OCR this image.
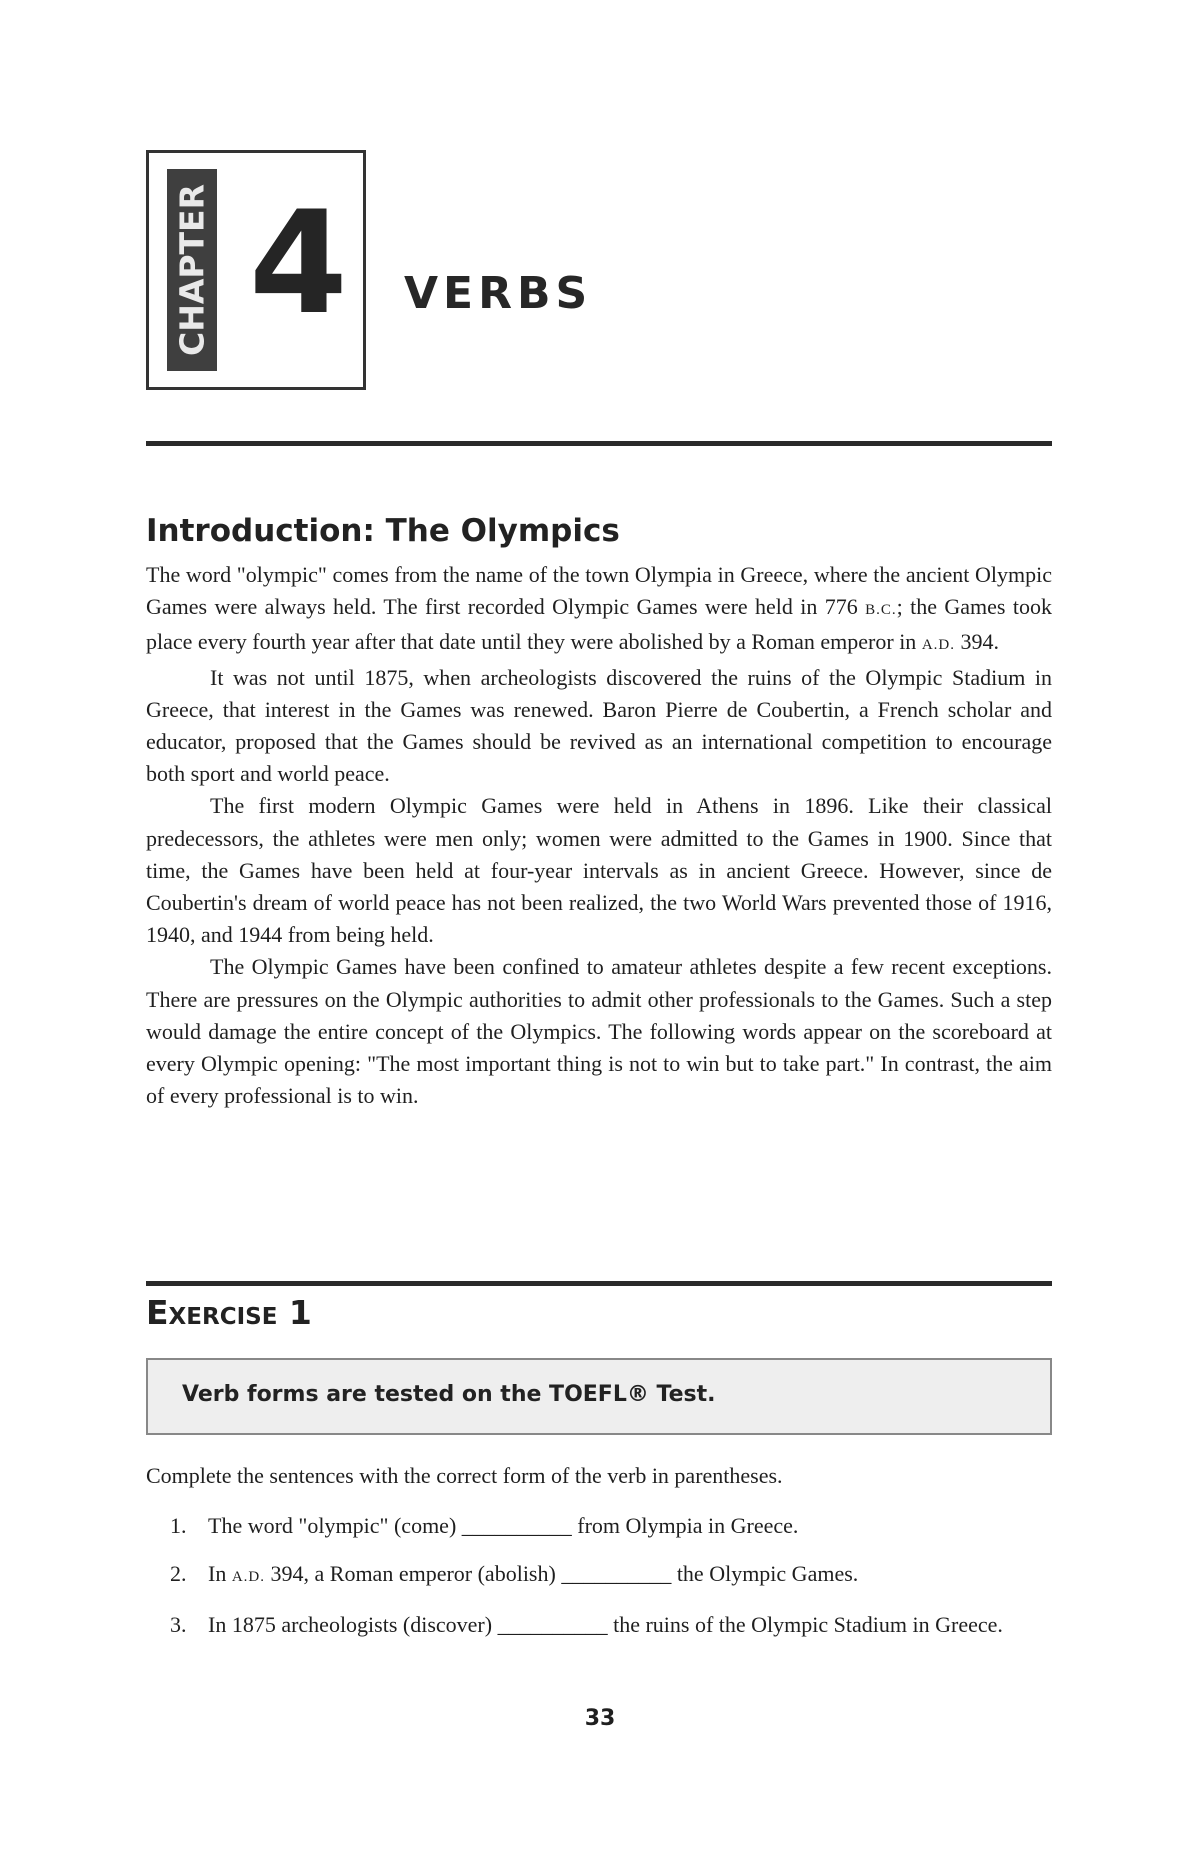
CHAPTER 4 VERBS
Introduction: The Olympics

The word "olympic" comes from the name of the town Olympia in Greece, where the ancient Olympic Games were always held. The first recorded Olympic Games were held in 776 B.C.; the Games took place every fourth year after that date until they were abolished by a Roman emperor in A.D. 394.

It was not until 1875, when archeologists discovered the ruins of the Olympic Stadium in Greece, that interest in the Games was renewed. Baron Pierre de Coubertin, a French scholar and educator, proposed that the Games should be revived as an international competition to encourage both sport and world peace.

The first modern Olympic Games were held in Athens in 1896. Like their classical predecessors, the athletes were men only; women were admitted to the Games in 1900. Since that time, the Games have been held at four-year intervals as in ancient Greece. However, since de Coubertin's dream of world peace has not been realized, the two World Wars prevented those of 1916, 1940, and 1944 from being held.

The Olympic Games have been confined to amateur athletes despite a few recent exceptions. There are pressures on the Olympic authorities to admit other professionals to the Games. Such a step would damage the entire concept of the Olympics. The following words appear on the scoreboard at every Olympic opening: "The most important thing is not to win but to take part." In contrast, the aim of every professional is to win.

Exercise 1
Verb forms are tested on the TOEFL® Test.
Complete the sentences with the correct form of the verb in parentheses.
1. The word "olympic" (come) __________ from Olympia in Greece.
2. In A.D. 394, a Roman emperor (abolish) __________ the Olympic Games.
3. In 1875 archeologists (discover) __________ the ruins of the Olympic Stadium in Greece.
33
